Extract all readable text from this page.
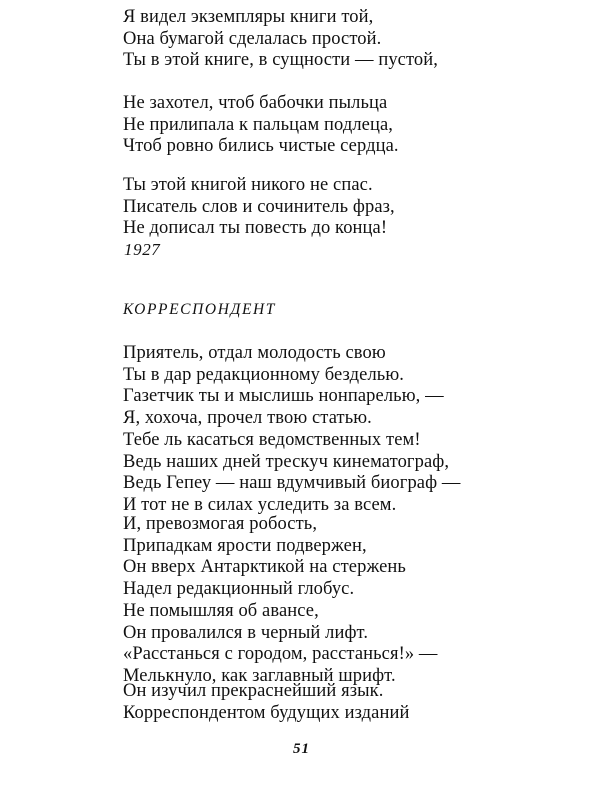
Я видел экземпляры книги той,
Она бумагой сделалась простой.
Ты в этой книге, в сущности — пустой,
Не захотел, чтоб бабочки пыльца
Не прилипала к пальцам подлеца,
Чтоб ровно бились чистые сердца.
Ты этой книгой никого не спас.
Писатель слов и сочинитель фраз,
Не дописал ты повесть до конца!
1927
КОРРЕСПОНДЕНТ
Приятель, отдал молодость свою
Ты в дар редакционному безделью.
Газетчик ты и мыслишь нонпарелью, —
Я, хохоча, прочел твою статью.
Тебе ль касаться ведомственных тем!
Ведь наших дней трескуч кинематограф,
Ведь Гепеу — наш вдумчивый биограф —
И тот не в силах уследить за всем.
И, превозмогая робость,
Припадкам ярости подвержен,
Он вверх Антарктикой на стержень
Надел редакционный глобус.
Не помышляя об авансе,
Он провалился в черный лифт.
«Расстанься с городом, расстанься!» —
Мелькнуло, как заглавный шрифт.
Он изучил прекраснейший язык.
Корреспондентом будущих изданий
51
